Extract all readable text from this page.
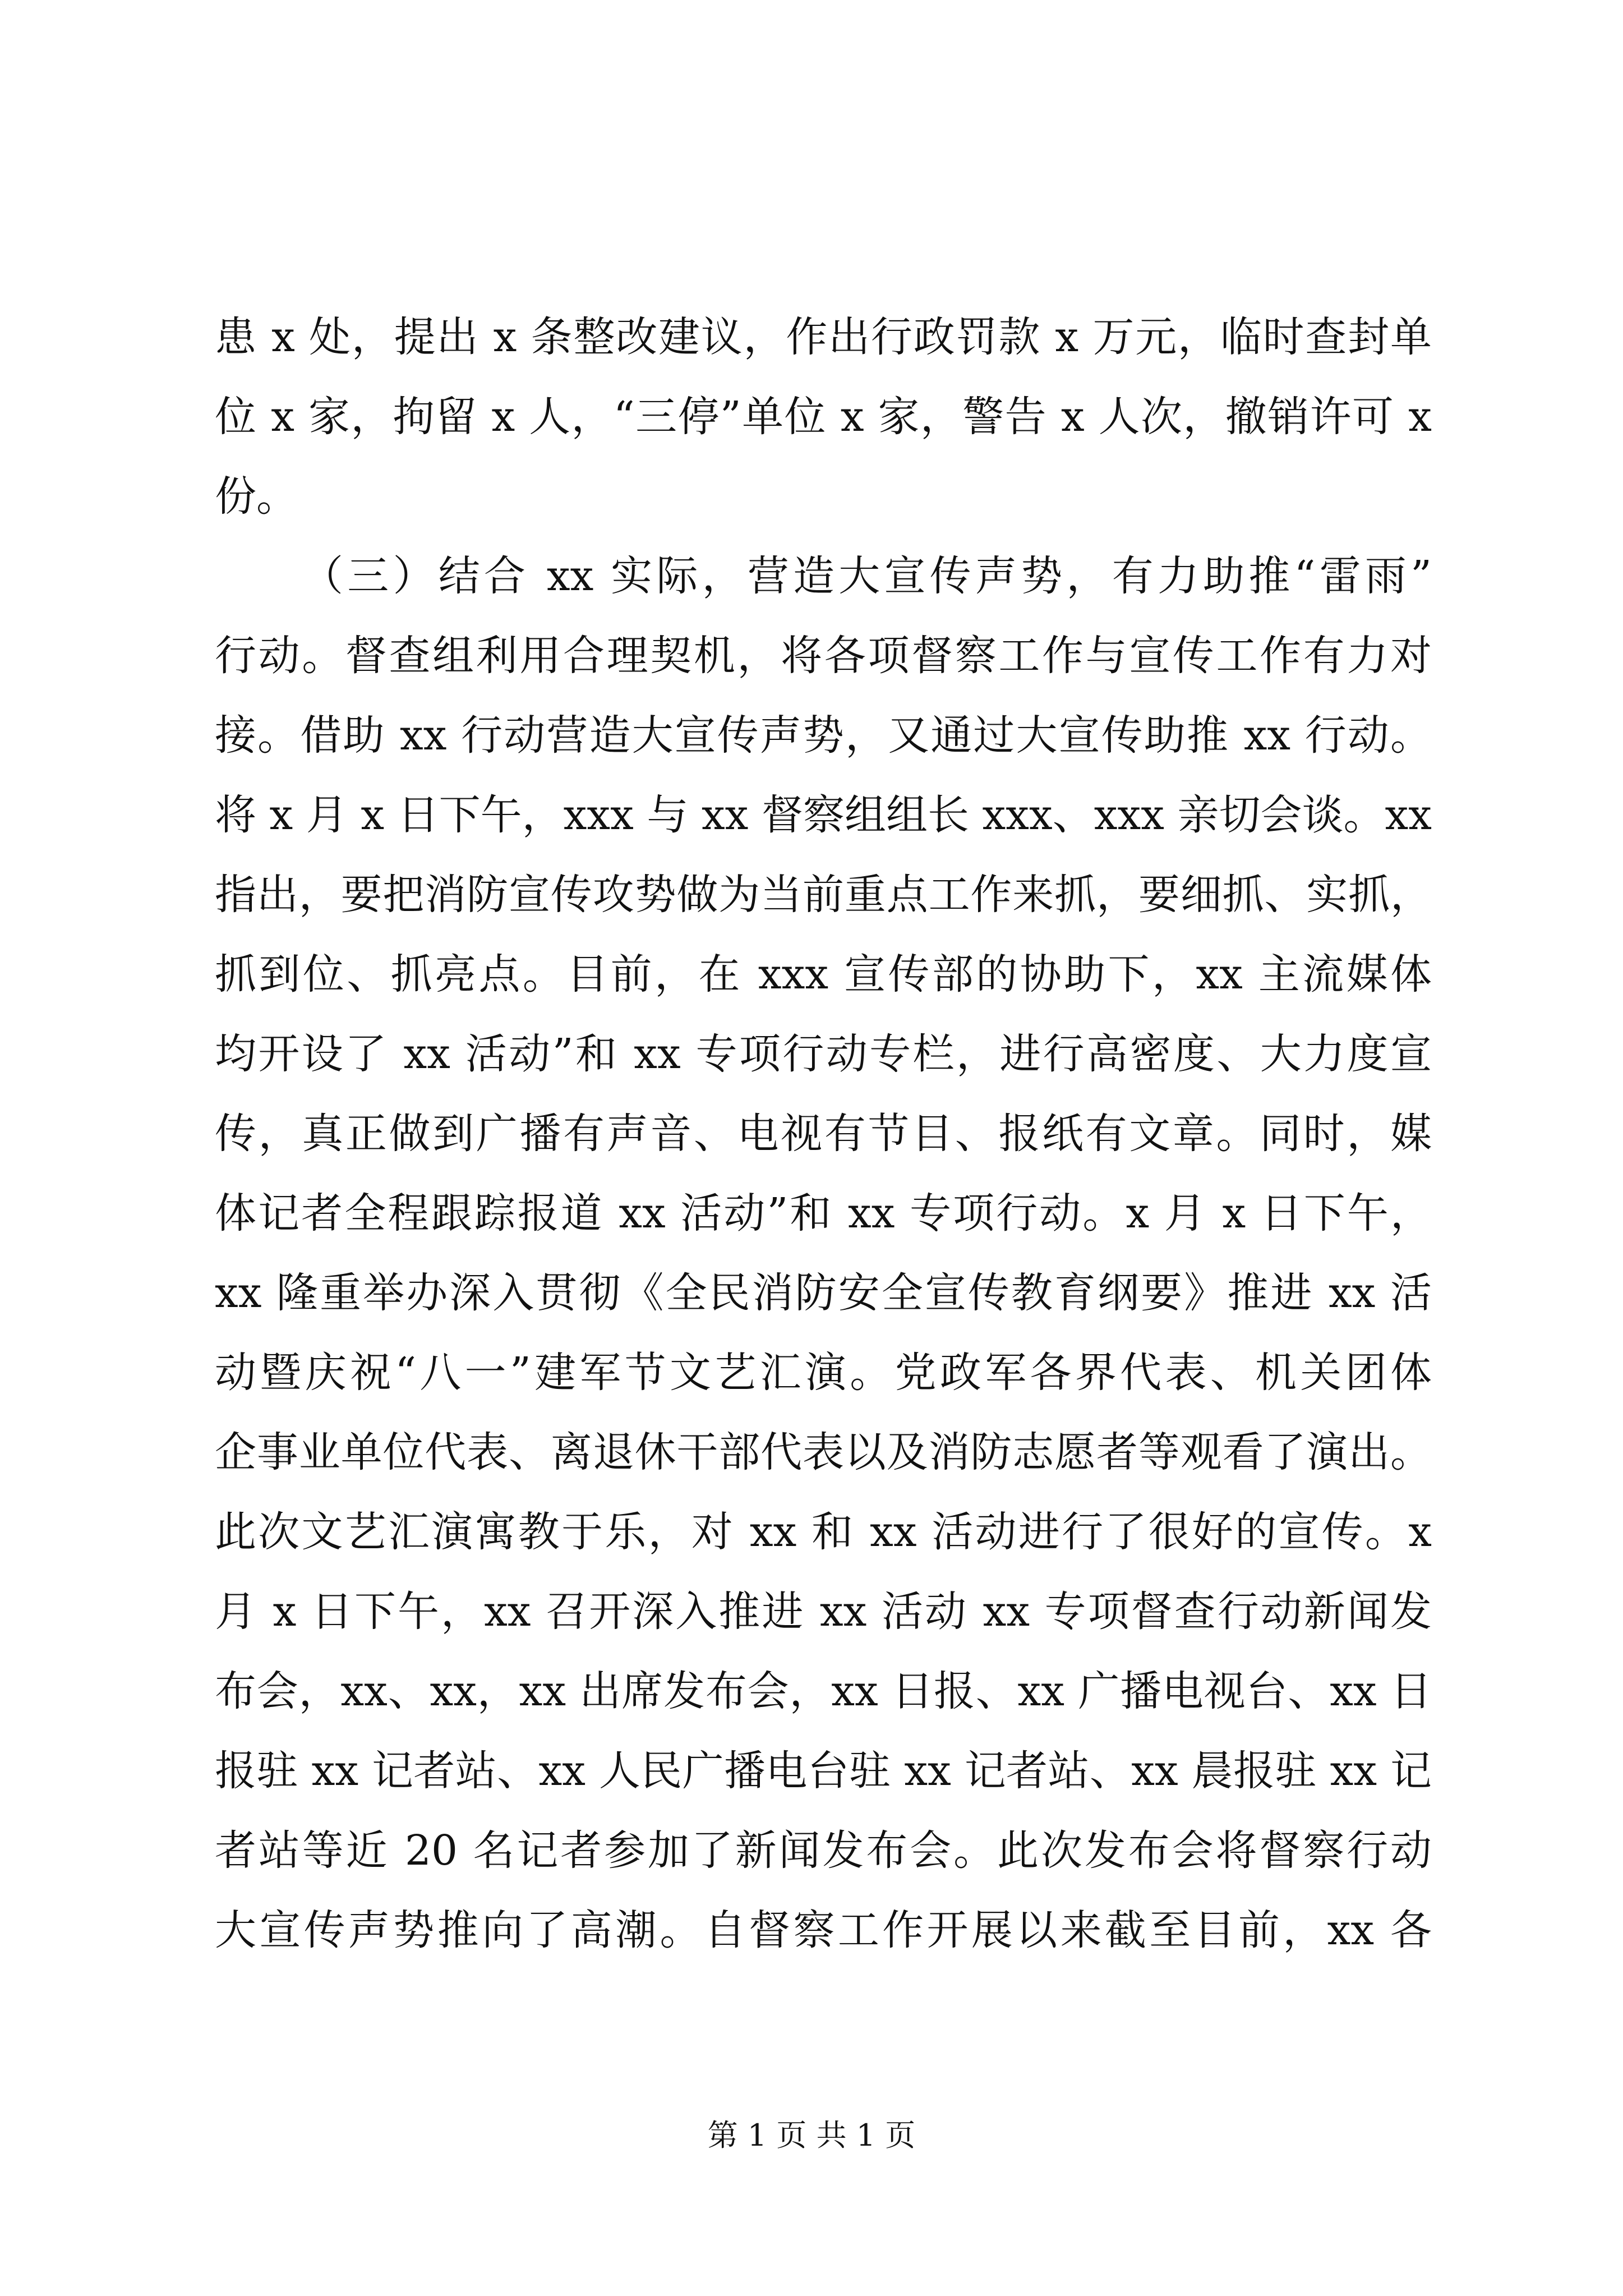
患 x 处，提出 x 条整改建议，作出行政罚款 x 万元，临时查封单
位 x 家，拘留 x 人，“三停”单位 x 家，警告 x 人次，撤销许可 x
份。
（三）结合 xx 实际，营造大宣传声势，有力助推“雷雨”
行动。督查组利用合理契机，将各项督察工作与宣传工作有力对
接。借助 xx 行动营造大宣传声势，又通过大宣传助推 xx 行动。
将 x 月 x 日下午，xxx 与 xx 督察组组长 xxx、xxx 亲切会谈。xx
指出，要把消防宣传攻势做为当前重点工作来抓，要细抓、实抓，
抓到位、抓亮点。目前，在 xxx 宣传部的协助下，xx 主流媒体
均开设了 xx 活动”和 xx 专项行动专栏，进行高密度、大力度宣
传，真正做到广播有声音、电视有节目、报纸有文章。同时，媒
体记者全程跟踪报道 xx 活动”和 xx 专项行动。x 月 x 日下午，
xx 隆重举办深入贯彻《全民消防安全宣传教育纲要》推进 xx 活
动暨庆祝“八一”建军节文艺汇演。党政军各界代表、机关团体
企事业单位代表、离退休干部代表以及消防志愿者等观看了演出。
此次文艺汇演寓教于乐，对 xx 和 xx 活动进行了很好的宣传。x
月 x 日下午，xx 召开深入推进 xx 活动 xx 专项督查行动新闻发
布会，xx、xx，xx 出席发布会，xx 日报、xx 广播电视台、xx 日
报驻 xx 记者站、xx 人民广播电台驻 xx 记者站、xx 晨报驻 xx 记
者站等近 20 名记者参加了新闻发布会。此次发布会将督察行动
大宣传声势推向了高潮。自督察工作开展以来截至目前，xx 各
第 1 页 共 1 页
